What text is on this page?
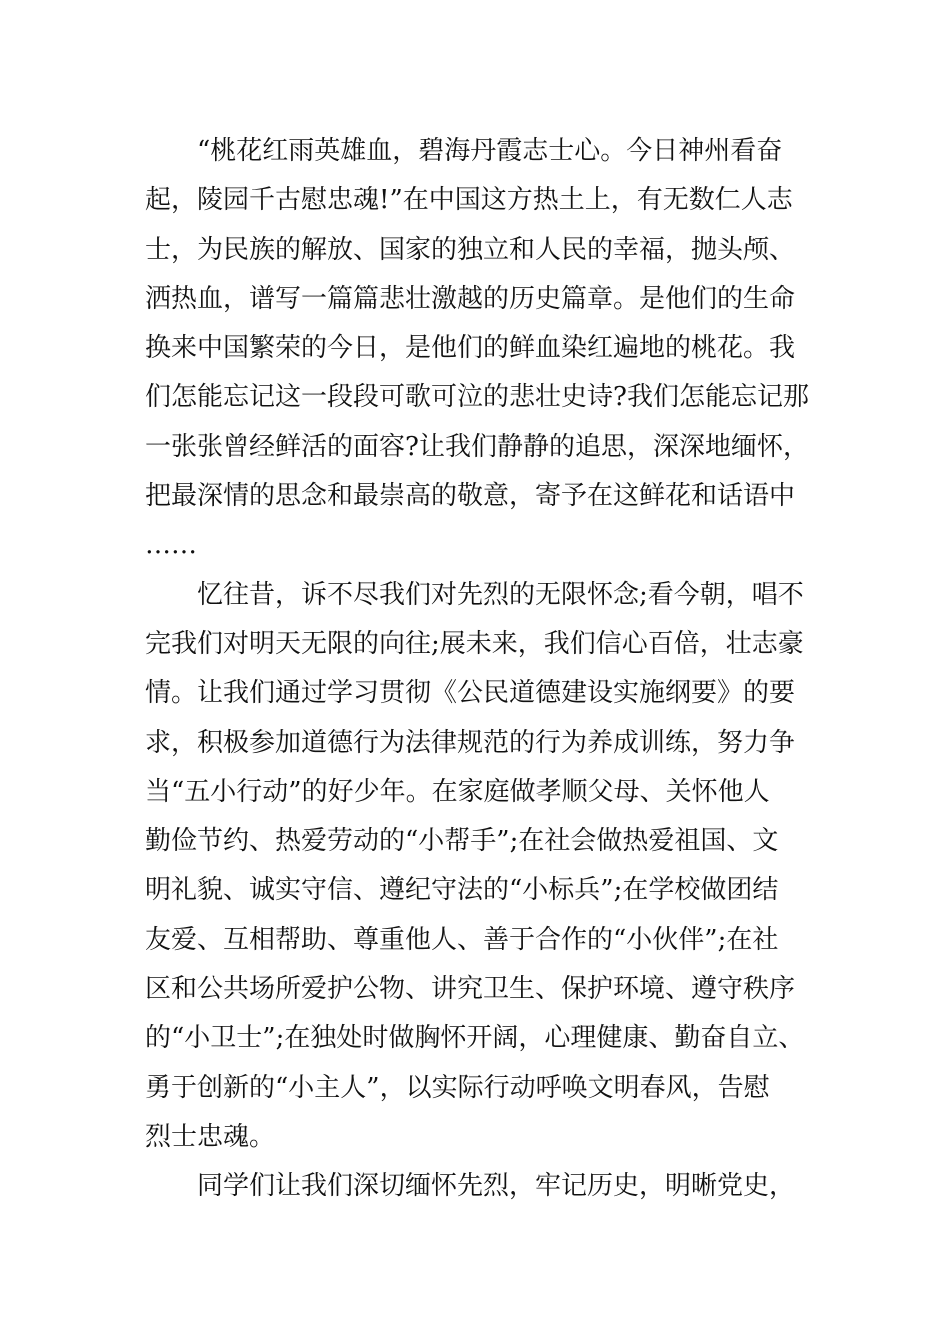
“桃花红雨英雄血，碧海丹霞志士心。今日神州看奋
起，陵园千古慰忠魂!”在中国这方热土上，有无数仁人志
士，为民族的解放、国家的独立和人民的幸福，抛头颅、
洒热血，谱写一篇篇悲壮激越的历史篇章。是他们的生命
换来中国繁荣的今日，是他们的鲜血染红遍地的桃花。我
们怎能忘记这一段段可歌可泣的悲壮史诗?我们怎能忘记那
一张张曾经鲜活的面容?让我们静静的追思，深深地缅怀，
把最深情的思念和最崇高的敬意，寄予在这鲜花和话语中
……
忆往昔，诉不尽我们对先烈的无限怀念;看今朝，唱不
完我们对明天无限的向往;展未来，我们信心百倍，壮志豪
情。让我们通过学习贯彻《公民道德建设实施纲要》的要
求，积极参加道德行为法律规范的行为养成训练，努力争
当“五小行动”的好少年。在家庭做孝顺父母、关怀他人
勤俭节约、热爱劳动的“小帮手”;在社会做热爱祖国、文
明礼貌、诚实守信、遵纪守法的“小标兵”;在学校做团结
友爱、互相帮助、尊重他人、善于合作的“小伙伴”;在社
区和公共场所爱护公物、讲究卫生、保护环境、遵守秩序
的“小卫士”;在独处时做胸怀开阔，心理健康、勤奋自立、
勇于创新的“小主人”，以实际行动呼唤文明春风，告慰
烈士忠魂。
同学们让我们深切缅怀先烈，牢记历史，明晰党史，
